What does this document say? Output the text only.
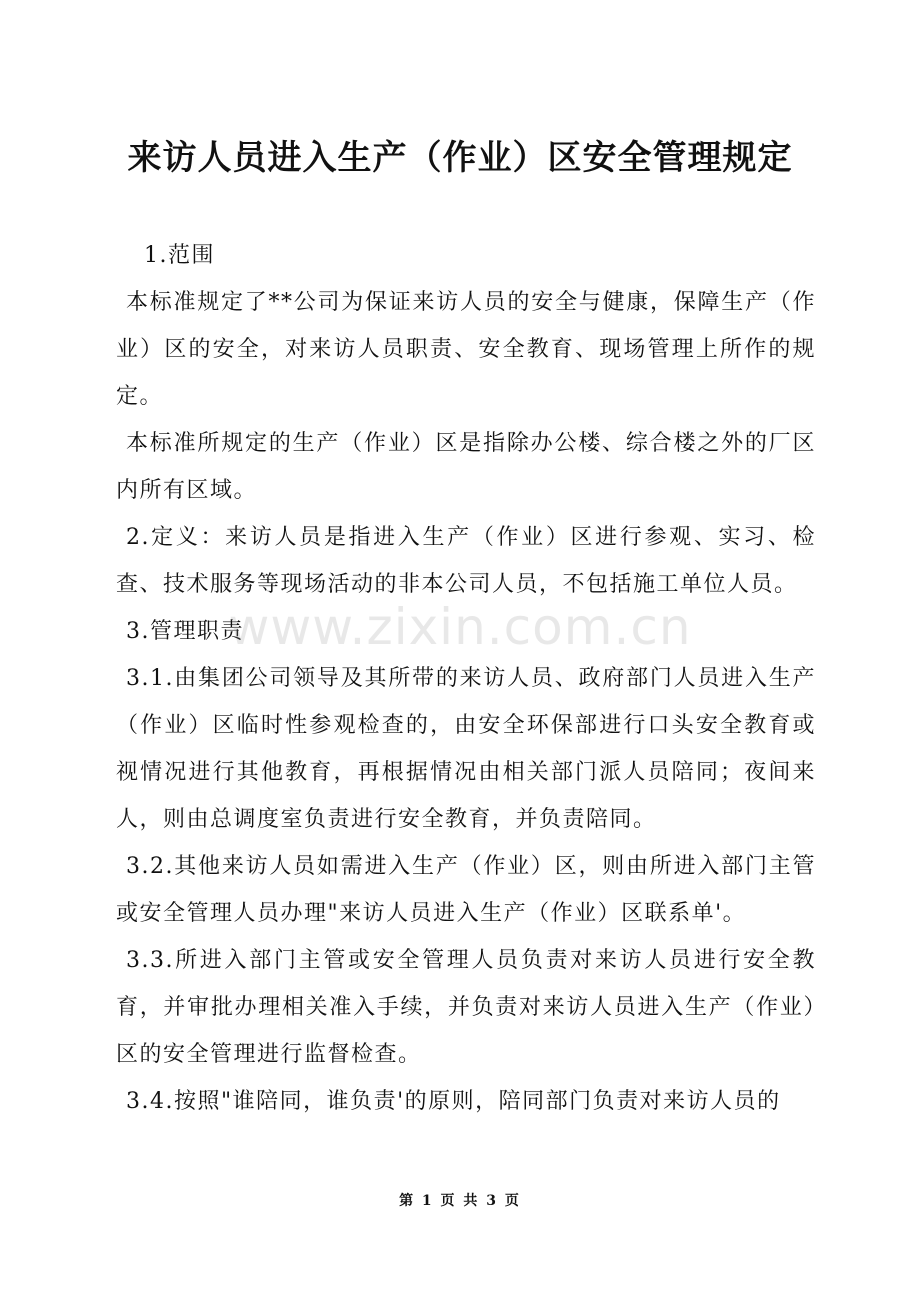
来访人员进入生产（作业）区安全管理规定

1.范围

本标准规定了**公司为保证来访人员的安全与健康，保障生产（作业）区的安全，对来访人员职责、安全教育、现场管理上所作的规定。

本标准所规定的生产（作业）区是指除办公楼、综合楼之外的厂区内所有区域。

2.定义：来访人员是指进入生产（作业）区进行参观、实习、检查、技术服务等现场活动的非本公司人员，不包括施工单位人员。

3.管理职责

3.1.由集团公司领导及其所带的来访人员、政府部门人员进入生产（作业）区临时性参观检查的，由安全环保部进行口头安全教育或视情况进行其他教育，再根据情况由相关部门派人员陪同；夜间来人，则由总调度室负责进行安全教育，并负责陪同。

3.2.其他来访人员如需进入生产（作业）区，则由所进入部门主管或安全管理人员办理"来访人员进入生产（作业）区联系单'。

3.3.所进入部门主管或安全管理人员负责对来访人员进行安全教育，并审批办理相关准入手续，并负责对来访人员进入生产（作业）区的安全管理进行监督检查。

3.4.按照"谁陪同，谁负责'的原则，陪同部门负责对来访人员的

www.zixin.com.cn
第 1 页 共 3 页
